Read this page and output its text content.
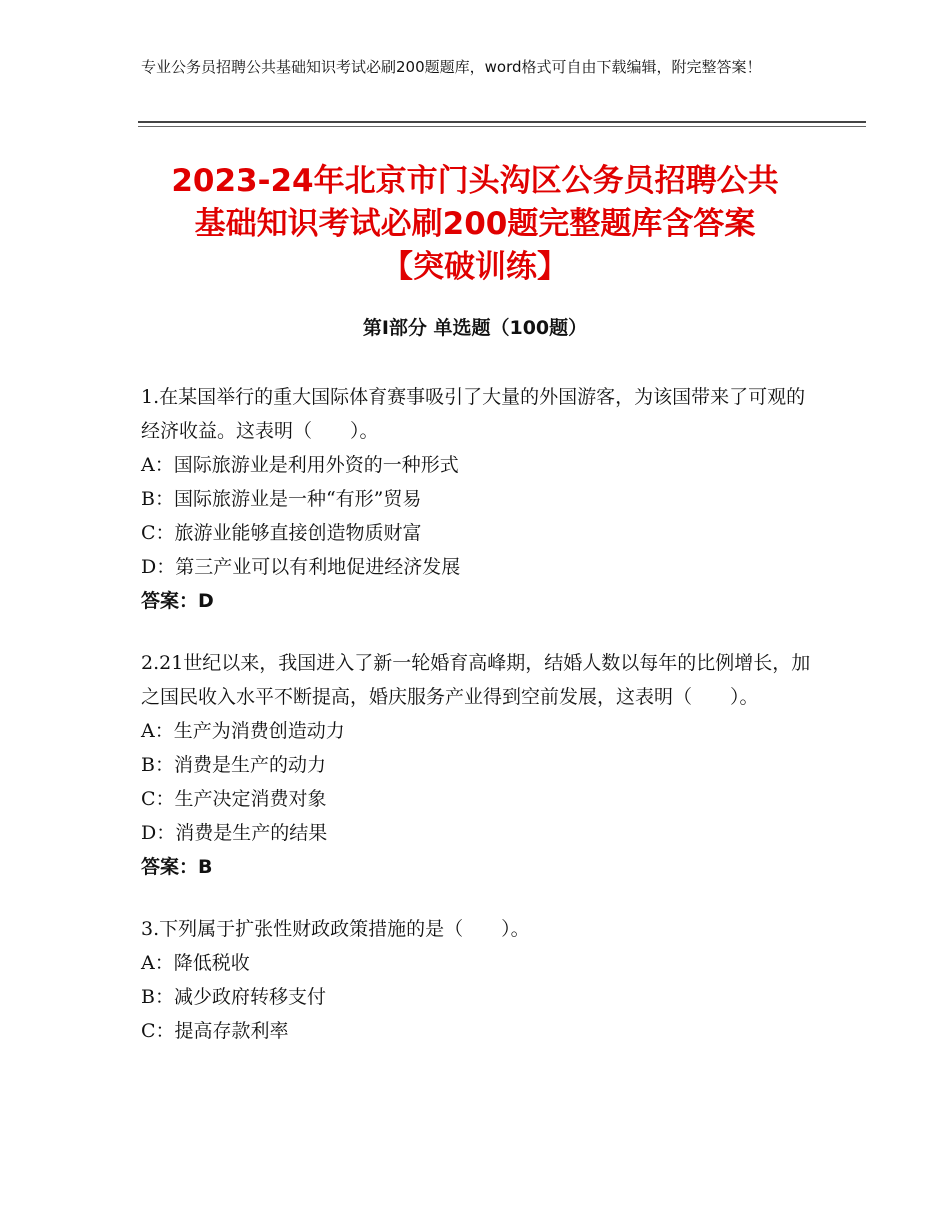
专业公务员招聘公共基础知识考试必刷200题题库，word格式可自由下载编辑，附完整答案！
2023-24年北京市门头沟区公务员招聘公共
基础知识考试必刷200题完整题库含答案
【突破训练】
第Ⅰ部分 单选题（100题）
1.在某国举行的重大国际体育赛事吸引了大量的外国游客，为该国带来了可观的经济收益。这表明（　　）。
A：国际旅游业是利用外资的一种形式
B：国际旅游业是一种“有形”贸易
C：旅游业能够直接创造物质财富
D：第三产业可以有利地促进经济发展
答案：D
2.21世纪以来，我国进入了新一轮婚育高峰期，结婚人数以每年的比例增长，加之国民收入水平不断提高，婚庆服务产业得到空前发展，这表明（　　）。
A：生产为消费创造动力
B：消费是生产的动力
C：生产决定消费对象
D：消费是生产的结果
答案：B
3.下列属于扩张性财政政策措施的是（　　）。
A：降低税收
B：减少政府转移支付
C：提高存款利率
